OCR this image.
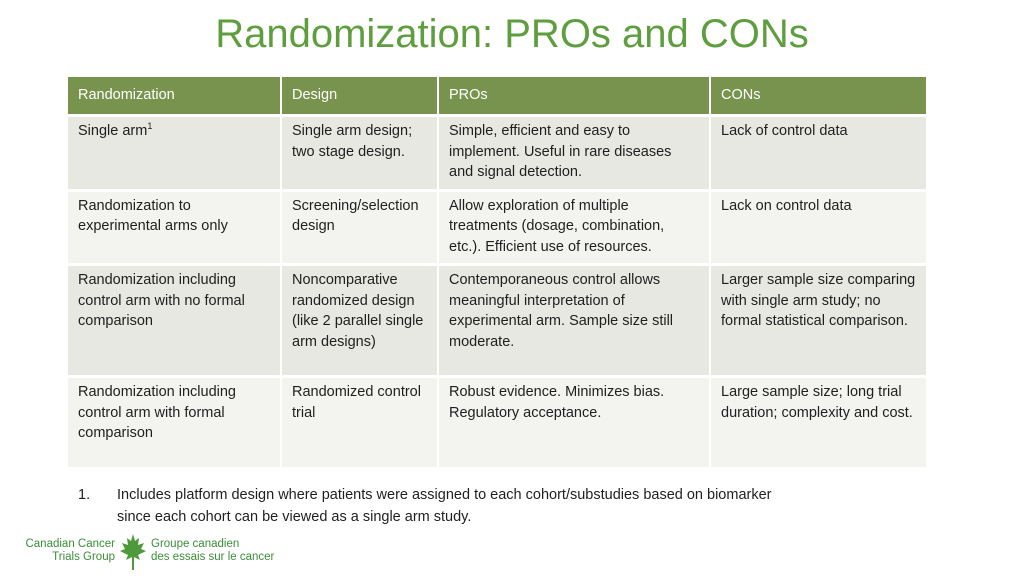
Randomization: PROs and CONs
Randomization	Design	PROs	CONs
Single arm$^1$	Single arm design; two stage design.	Simple, efficient and easy to implement. Useful in rare diseases and signal detection.	Lack of control data
Randomization to experimental arms only	Screening/selection design	Allow exploration of multiple treatments (dosage, combination, etc.). Efficient use of resources.	Lack on control data
Randomization including control arm with no formal comparison	Noncomparative randomized design (like 2 parallel single arm designs)	Contemporaneous control allows meaningful interpretation of experimental arm. Sample size still moderate.	Larger sample size comparing with single arm study; no formal statistical comparison.
Randomization including control arm with formal comparison	Randomized control trial	Robust evidence. Minimizes bias. Regulatory acceptance.	Large sample size; long trial duration; complexity and cost.
1. Includes platform design where patients were assigned to each cohort/substudies based on biomarker since each cohort can be viewed as a single arm study.
Canadian Cancer
Trials Group
Groupe canadien
des essais sur le cancer
